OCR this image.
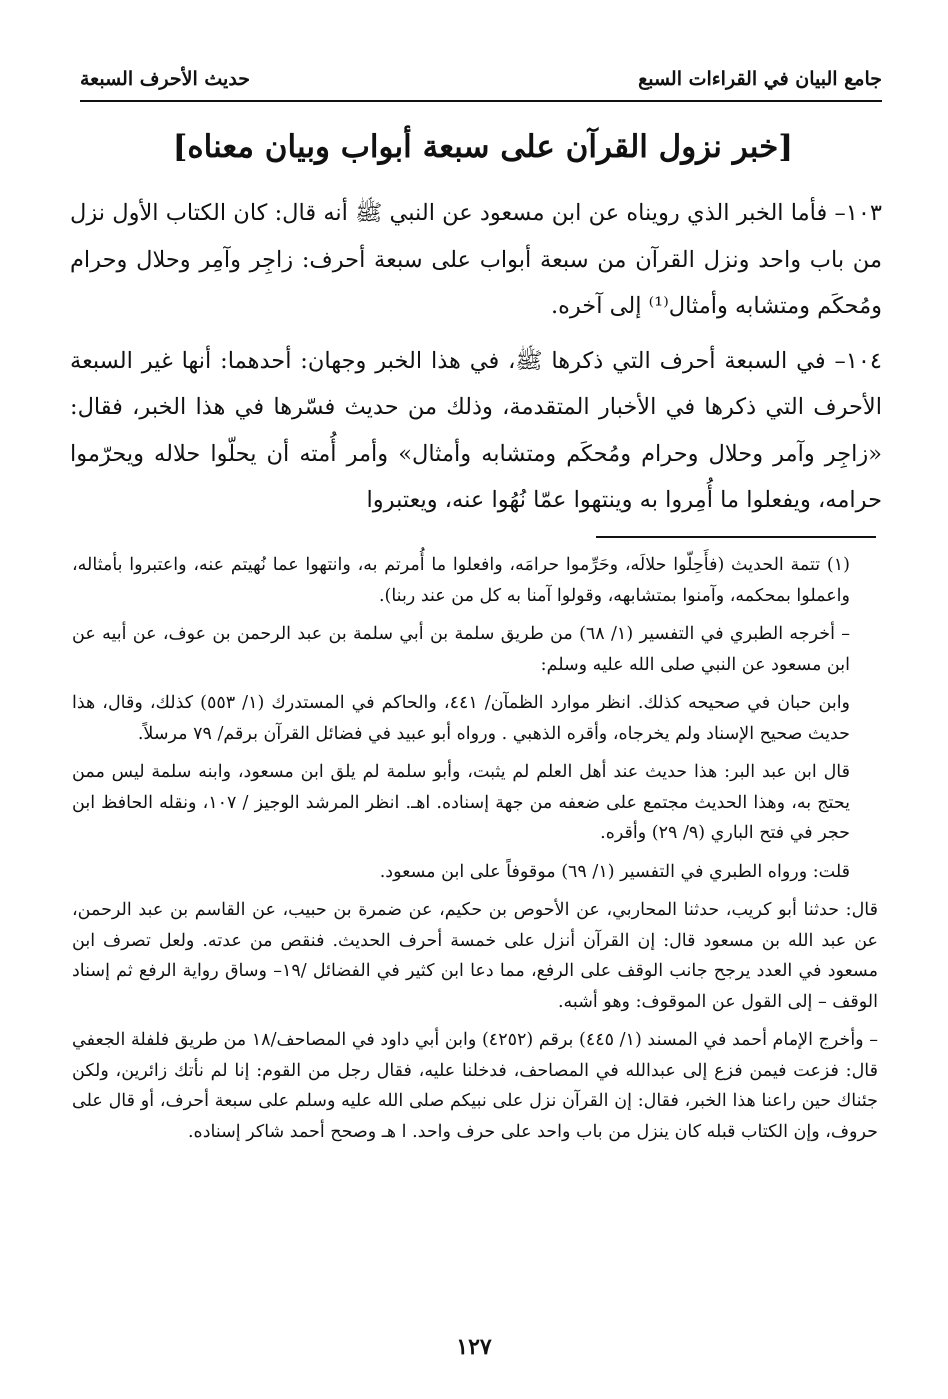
جامع البيان في القراءات السبع
حديث الأحرف السبعة
[خبر نزول القرآن على سبعة أبواب وبيان معناه]

١٠٣– فأما الخبر الذي رويناه عن ابن مسعود عن النبي ﷺ أنه قال: كان الكتاب الأول نزل من باب واحد ونزل القرآن من سبعة أبواب على سبعة أحرف: زاجِر وآمِر وحلال وحرام ومُحكَم ومتشابه وأمثال⁽¹⁾ إلى آخره.

١٠٤– في السبعة أحرف التي ذكرها ﷺ، في هذا الخبر وجهان: أحدهما: أنها غير السبعة الأحرف التي ذكرها في الأخبار المتقدمة، وذلك من حديث فسّرها في هذا الخبر، فقال: «زاجِر وآمر وحلال وحرام ومُحكَم ومتشابه وأمثال» وأمر أُمته أن يحلّوا حلاله ويحرّموا حرامه، ويفعلوا ما أُمِروا به وينتهوا عمّا نُهُوا عنه، ويعتبروا

(١) تتمة الحديث (فأَحِلّوا حلالَه، وحَرِّموا حرامَه، وافعلوا ما أُمرتم به، وانتهوا عما نُهيتم عنه، واعتبروا بأمثاله، واعملوا بمحكمه، وآمنوا بمتشابهه، وقولوا آمنا به كل من عند ربنا).

– أخرجه الطبري في التفسير (١/ ٦٨) من طريق سلمة بن أبي سلمة بن عبد الرحمن بن عوف، عن أبيه عن ابن مسعود عن النبي صلى الله عليه وسلم:

وابن حبان في صحيحه كذلك. انظر موارد الظمآن/ ٤٤١، والحاكم في المستدرك (١/ ٥٥٣) كذلك، وقال، هذا حديث صحيح الإسناد ولم يخرجاه، وأقره الذهبي . ورواه أبو عبيد في فضائل القرآن برقم/ ٧٩ مرسلاً.

قال ابن عبد البر: هذا حديث عند أهل العلم لم يثبت، وأبو سلمة لم يلق ابن مسعود، وابنه سلمة ليس ممن يحتج به، وهذا الحديث مجتمع على ضعفه من جهة إسناده. اهـ. انظر المرشد الوجيز / ١٠٧، ونقله الحافظ ابن حجر في فتح الباري (٩/ ٢٩) وأقره.

قلت: ورواه الطبري في التفسير (١/ ٦٩) موقوفاً على ابن مسعود.

قال: حدثنا أبو كريب، حدثنا المحاربي، عن الأحوص بن حكيم، عن ضمرة بن حبيب، عن القاسم بن عبد الرحمن، عن عبد الله بن مسعود قال: إن القرآن أنزل على خمسة أحرف الحديث. فنقص من عدته. ولعل تصرف ابن مسعود في العدد يرجح جانب الوقف على الرفع، مما دعا ابن كثير في الفضائل /١٩– وساق رواية الرفع ثم إسناد الوقف – إلى القول عن الموقوف: وهو أشبه.

– وأخرج الإمام أحمد في المسند (١/ ٤٤٥) برقم (٤٢٥٢) وابن أبي داود في المصاحف/١٨ من طريق فلفلة الجعفي قال: فزعت فيمن فزع إلى عبدالله في المصاحف، فدخلنا عليه، فقال رجل من القوم: إنا لم نأتك زائرين، ولكن جئناك حين راعنا هذا الخبر، فقال: إن القرآن نزل على نبيكم صلى الله عليه وسلم على سبعة أحرف، أو قال على حروف، وإن الكتاب قبله كان ينزل من باب واحد على حرف واحد. ا هـ وصحح أحمد شاكر إسناده.

١٢٧
